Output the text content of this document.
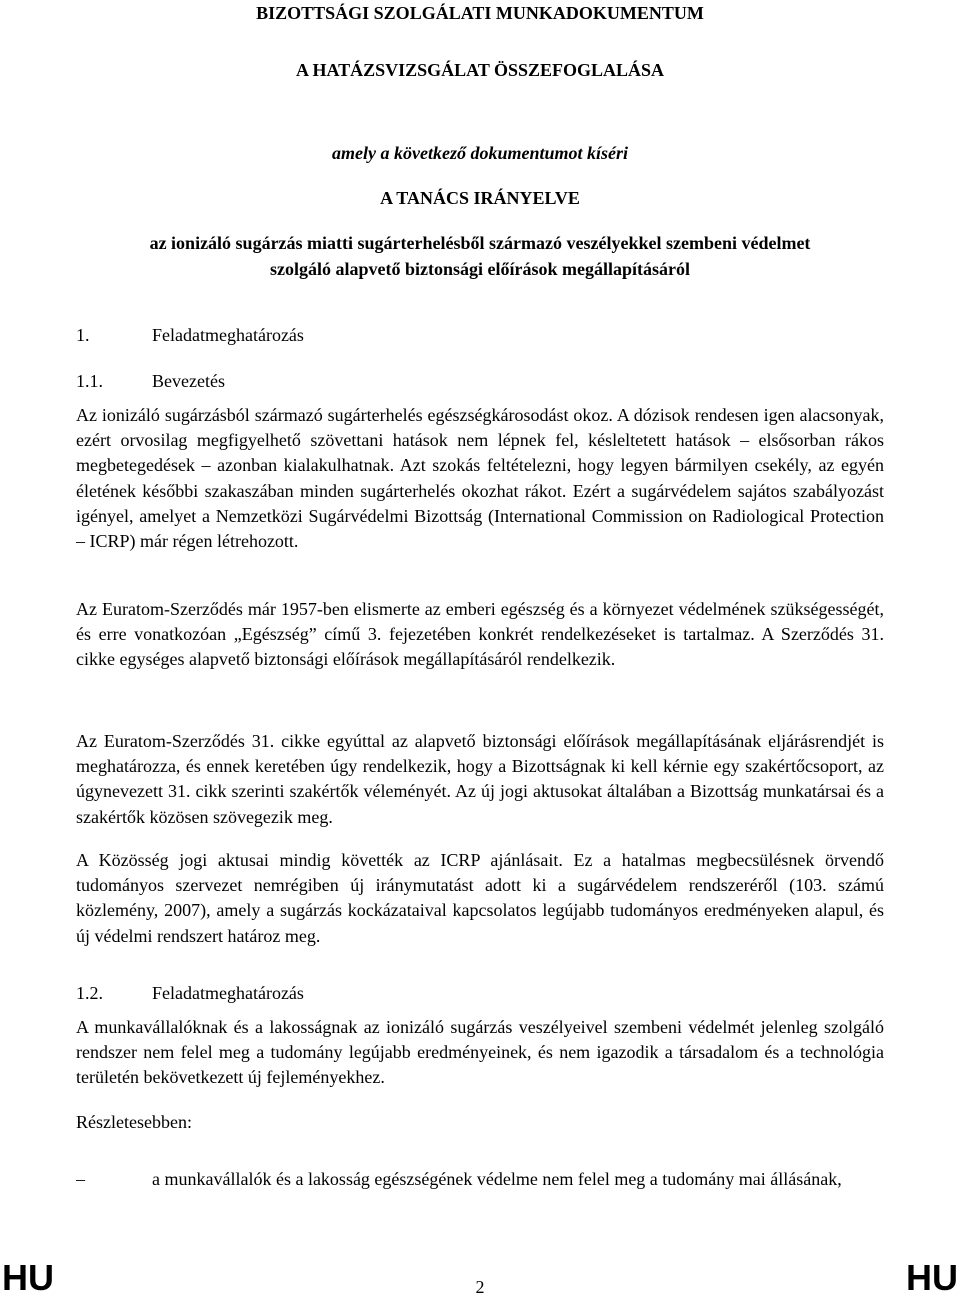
BIZOTTSÁGI SZOLGÁLATI MUNKADOKUMENTUM

A HATÁZSVIZSGÁLAT ÖSSZEFOGLALÁSA

amely a következő dokumentumot kíséri

A TANÁCS IRÁNYELVE

az ionizáló sugárzás miatti sugárterhelésből származó veszélyekkel szembeni védelmet

szolgáló alapvető biztonsági előírások megállapításáról

1.	Feladatmeghatározás

1.1.	Bevezetés

Az ionizáló sugárzásból származó sugárterhelés egészségkárosodást okoz. A dózisok rendesen igen alacsonyak, ezért orvosilag megfigyelhető szövettani hatások nem lépnek fel, késleltetett hatások – elsősorban rákos megbetegedések – azonban kialakulhatnak. Azt szokás feltételezni, hogy legyen bármilyen csekély, az egyén életének későbbi szakaszában minden sugárterhelés okozhat rákot. Ezért a sugárvédelem sajátos szabályozást igényel, amelyet a Nemzetközi Sugárvédelmi Bizottság (International Commission on Radiological Protection – ICRP) már régen létrehozott.

Az Euratom-Szerződés már 1957-ben elismerte az emberi egészség és a környezet védelmének szükségességét, és erre vonatkozóan „Egészség” című 3. fejezetében konkrét rendelkezéseket is tartalmaz. A Szerződés 31. cikke egységes alapvető biztonsági előírások megállapításáról rendelkezik.

Az Euratom-Szerződés 31. cikke egyúttal az alapvető biztonsági előírások megállapításának eljárásrendjét is meghatározza, és ennek keretében úgy rendelkezik, hogy a Bizottságnak ki kell kérnie egy szakértőcsoport, az úgynevezett 31. cikk szerinti szakértők véleményét. Az új jogi aktusokat általában a Bizottság munkatársai és a szakértők közösen szövegezik meg.

A Közösség jogi aktusai mindig követték az ICRP ajánlásait. Ez a hatalmas megbecsülésnek örvendő tudományos szervezet nemrégiben új iránymutatást adott ki a sugárvédelem rendszeréről (103. számú közlemény, 2007), amely a sugárzás kockázataival kapcsolatos legújabb tudományos eredményeken alapul, és új védelmi rendszert határoz meg.

1.2.	Feladatmeghatározás

A munkavállalóknak és a lakosságnak az ionizáló sugárzás veszélyeivel szembeni védelmét jelenleg szolgáló rendszer nem felel meg a tudomány legújabb eredményeinek, és nem igazodik a társadalom és a technológia területén bekövetkezett új fejleményekhez.

Részletesebben:

–	a munkavállalók és a lakosság egészségének védelme nem felel meg a tudomány mai állásának,
HU	2	HU
